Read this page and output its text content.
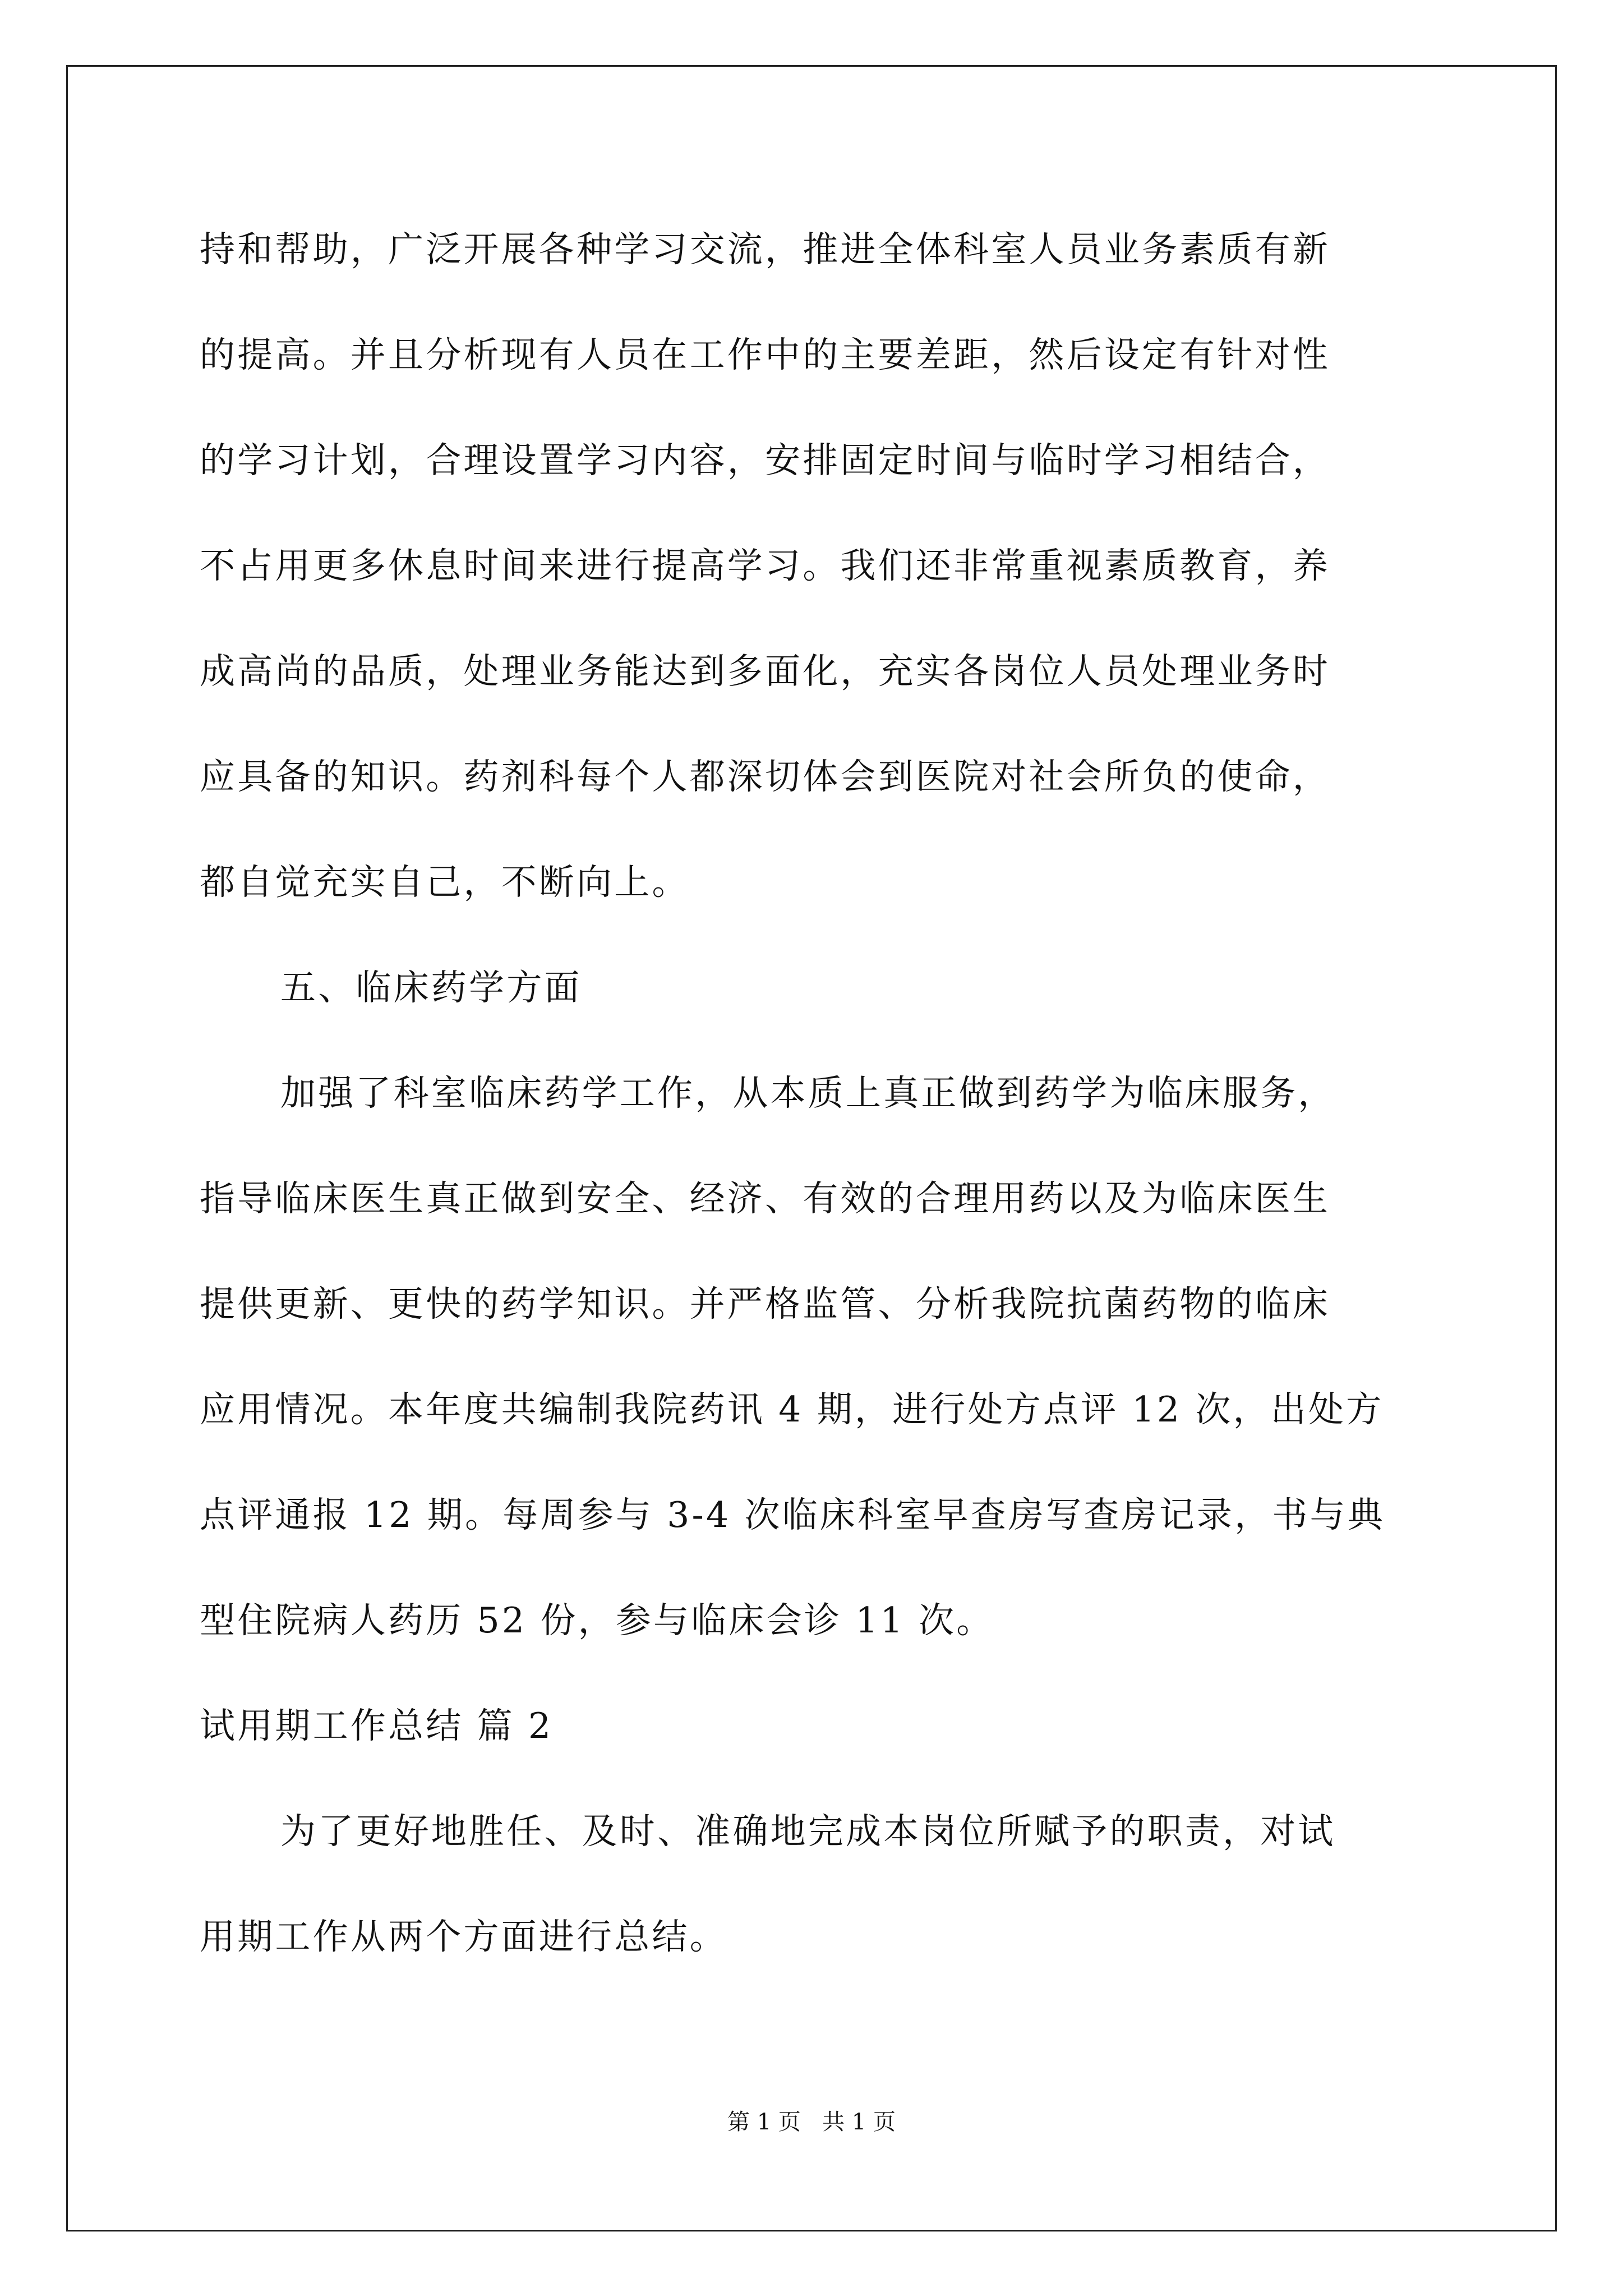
持和帮助，广泛开展各种学习交流，推进全体科室人员业务素质有新
的提高。并且分析现有人员在工作中的主要差距，然后设定有针对性
的学习计划，合理设置学习内容，安排固定时间与临时学习相结合，
不占用更多休息时间来进行提高学习。我们还非常重视素质教育，养
成高尚的品质，处理业务能达到多面化，充实各岗位人员处理业务时
应具备的知识。药剂科每个人都深切体会到医院对社会所负的使命，
都自觉充实自己，不断向上。
五、临床药学方面
加强了科室临床药学工作，从本质上真正做到药学为临床服务，
指导临床医生真正做到安全、经济、有效的合理用药以及为临床医生
提供更新、更快的药学知识。并严格监管、分析我院抗菌药物的临床
应用情况。本年度共编制我院药讯 4 期，进行处方点评 12 次，出处方
点评通报 12 期。每周参与 3-4 次临床科室早查房写查房记录，书与典
型住院病人药历 52 份，参与临床会诊 11 次。
试用期工作总结 篇 2
为了更好地胜任、及时、准确地完成本岗位所赋予的职责，对试
用期工作从两个方面进行总结。
第 1 页   共 1 页
